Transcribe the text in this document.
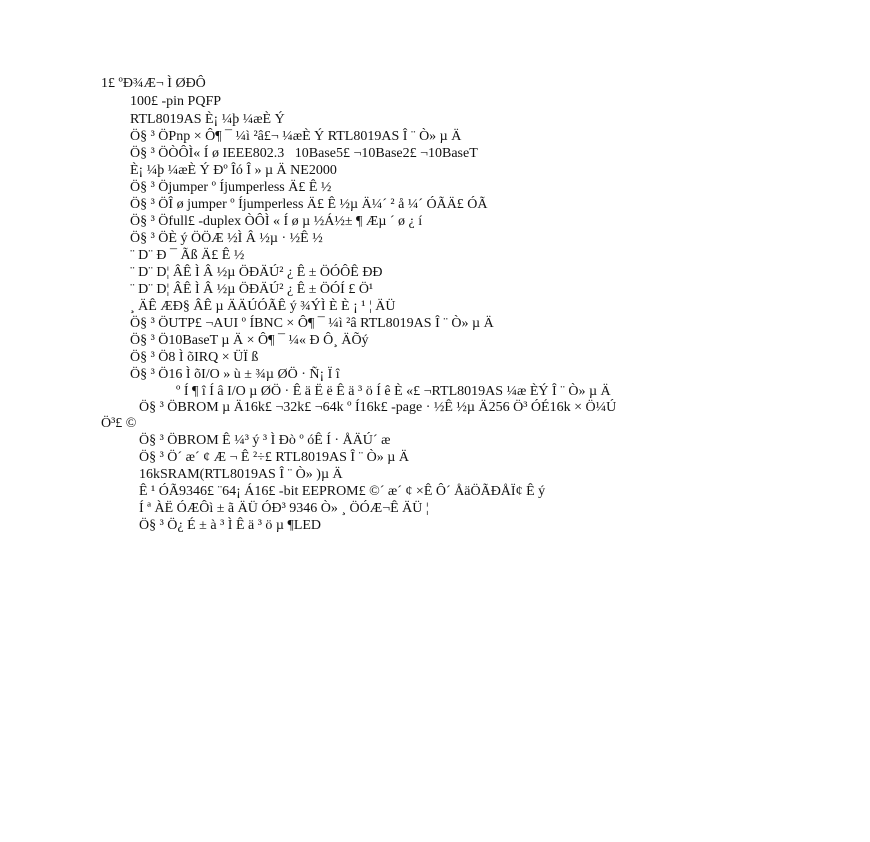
1£ ºÐ¾Æ¬ Ì ØÐÔ
100£ -pin PQFP
RTL8019AS È¡ ¼þ ¼æÈ Ý
Ö§ ³ ÖPnp × Ô¶ ¯ ¼ì ²â£¬ ¼æÈ Ý RTL8019AS Î ¨ Ò» µ Ä
Ö§ ³ ÖÒÔÌ« Í ø IEEE802.3   10Base5£ ¬10Base2£ ¬10BaseT
È¡ ¼þ ¼æÈ Ý Ðº Îó Î » µ Ä NE2000
Ö§ ³ Öjumper º Íjumperless Ä£ Ê ½
Ö§ ³ ÖÎ ø jumper º Íjumperless Ä£ Ê ½µ Ä¼´ ² å ¼´ ÓÃÄ£ ÓÃ
Ö§ ³ Öfull£ -duplex ÒÔÌ « Í ø µ ½Á½± ¶ Æµ ´ ø ¿ í
Ö§ ³ ÖÈ ý ÖÖÆ ½Ì Â ½µ · ½Ê ½
¨ D¨ Ð ¯ Ãß Ä£ Ê ½
¨ D¨ D¦ ÂÊ Ì Â ½µ ÖÐÄÚ² ¿ Ê ± ÖÓÔÊ ÐÐ
¨ D¨ D¦ ÂÊ Ì Â ½µ ÖÐÄÚ² ¿ Ê ± ÖÓÍ £ Ö¹
¸ ÄÊ ÆÐ§ ÂÊ µ ÄÄÚÓÃÊ ý ¾ÝÌ È È ¡ ¹ ¦ ÄÜ
Ö§ ³ ÖUTP£ ¬AUI º ÍBNC × Ô¶ ¯ ¼ì ²â RTL8019AS Î ¨ Ò» µ Ä
Ö§ ³ Ö10BaseT µ Ä × Ô¶ ¯ ¼« Ð Ô¸ ÄÕý
Ö§ ³ Ö8 Ì õIRQ × ÜÏ ß
Ö§ ³ Ö16 Ì õI/O » ù ± ¾µ ØÖ · Ñ¡ Ï î
º Í ¶ î Í â I/O µ ØÖ · Ê ä Ë ë Ê ä ³ ö Í ê È «£ ¬RTL8019AS ¼æ ÈÝ Î ¨ Ò» µ Ä
Ö§ ³ ÖBROM µ Ä16k£ ¬32k£ ¬64k º Í16k£ -page · ½Ê ½µ Ä256 Ö³ ÓÉ16k × Ö¼Ú
Ö³£ ©
Ö§ ³ ÖBROM Ê ¼³ ý ³ Ì Ðò º óÊ Í · ÅÄÚ´ æ
Ö§ ³ Ö´ æ´ ¢ Æ ¬ Ê ²÷£ RTL8019AS Î ¨ Ò» µ Ä
16kSRAM(RTL8019AS Î ¨ Ò» )µ Ä
Ê ¹ ÓÃ9346£ ¨64¡ Á16£ -bit EEPROM£ ©´ æ´ ¢ ×Ê Ô´ ÅäÖÃÐÅÏ¢ Ê ý
Í ª ÀË ÓÆÔì ± ã ÄÜ ÓÐ³ 9346 Ò» ¸ ÖÓÆ¬Ê ÄÜ ¦
Ö§ ³ Ö¿ É ± à ³ Ì Ê ä ³ ö µ ¶LED
